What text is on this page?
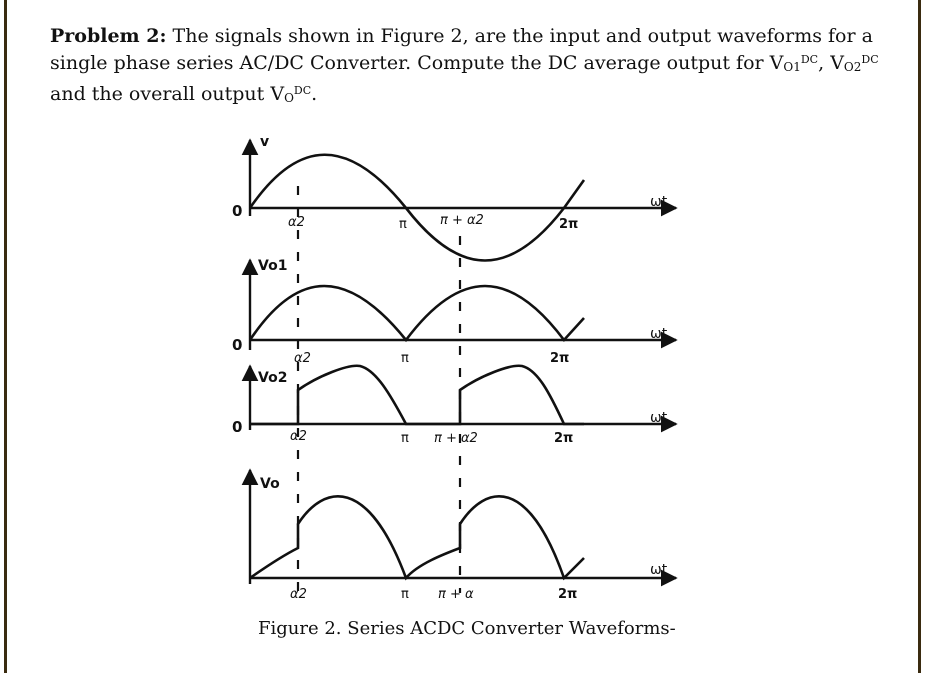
Problem 2: The signals shown in Figure 2, are the input and output waveforms for a single phase series AC/DC Converter. Compute the DC average output for $V_{O1}^{DC}$, $V_{O2}^{DC}$ and the overall output $V_O^{DC}$.
v
0	ωt
α2	π	π + α2	2π
Vo1
0
ωt
α2	π	2π
Vo2
0	ωt
α2	π π + α2	2π
Vo
ωt
α2	π π + α	2π
Figure 2. Series ACDC Converter Waveforms-
